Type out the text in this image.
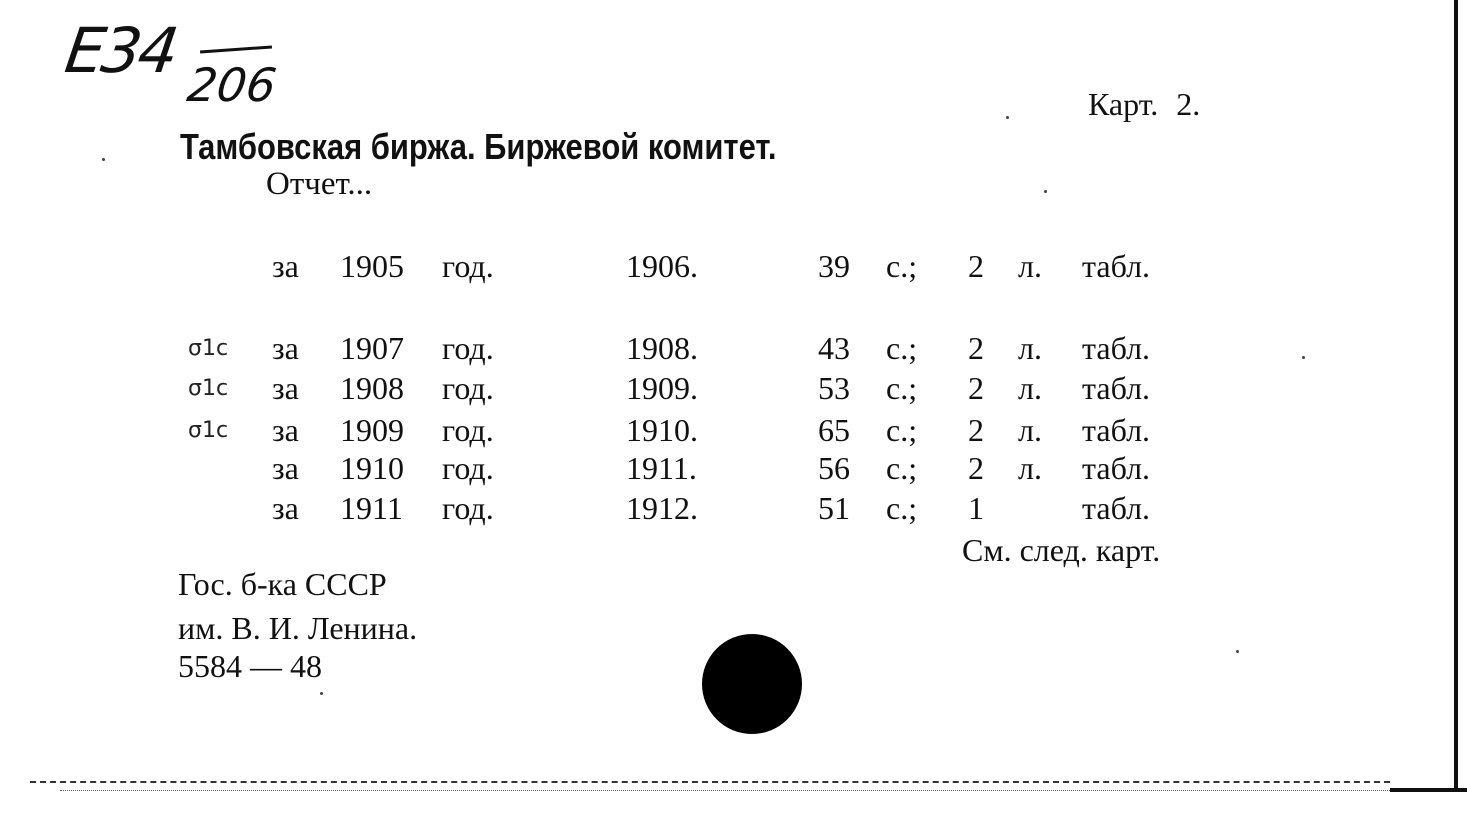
E34 206	Карт. 2.
Тамбовская биржа. Биржевой комитет.
Отчет...
за 1905 год.	1906.	39 с.; 2 л. табл.
σ1c за 1907 год.	1908.	43 с.; 2 л. табл.
σ1c за 1908 год.	1909.	53 с.; 2 л. табл.
σ1c за 1909 год.	1910.	65 с.; 2 л. табл.
за 1910 год.	1911.	56 с.; 2 л. табл.
за 1911 год.	1912.	51 с.; 1	табл.
См. след. карт.
Гос. б-ка СССР
им. В. И. Ленина.
5584 — 48
